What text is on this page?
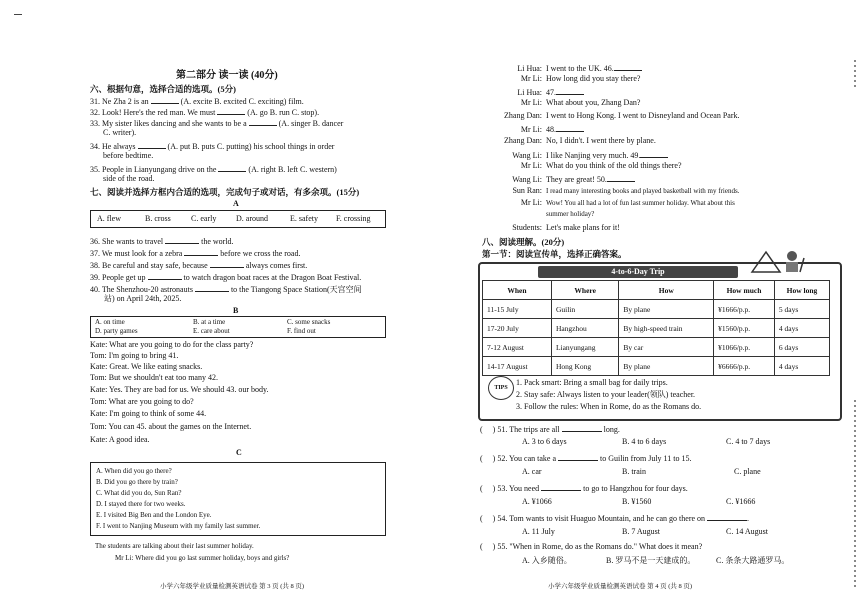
第二部分 读一读 (40分)
六、根据句意，选择合适的选项。(5分)
31. Ne Zha 2 is an	(A. excite B. excited C. exciting) film.
32. Look! Here's the red man. We must	(A. go B. run C. stop).
33. My sister likes dancing and she wants to be a	(A. singer B. dancer
C. writer).
34. He always	(A. put B. puts C. putting) his school things in order
before bedtime.
35. People in Lianyungang drive on the	(A. right B. left C. western)
side of the road.
七、阅读并选择方框内合适的选项，完成句子或对话，有多余项。(15分)
A
A. flew	B. cross	C. early D. around	E. safety F. crossing
36. She wants to travel	the world.
37. We must look for a zebra	before we cross the road.
38. Be careful and stay safe, because	always comes first.
39. People get up	to watch dragon boat races at the Dragon Boat Festival.
40. The Shenzhou-20 astronauts	to the Tiangong Space Station(天宫空间
站) on April 24th, 2025.
B
A. on time	B. at a time	C. some snacks
D. party games	E. care about	F. find out
Kate: What are you going to do for the class party?
Tom: I'm going to bring 41.
Kate: Great. We like eating snacks.
Tom: But we shouldn't eat too many 42.
Kate: Yes. They are bad for us. We should 43. our body.
Tom: What are you going to do?
Kate: I'm going to think of some 44.
Tom: You can 45. about the games on the Internet.
Kate: A good idea.
C
A. When did you go there?
B. Did you go there by train?
C. What did you do, Sun Ran?
D. I stayed there for two weeks.
E. I visited Big Ben and the London Eye.
F. I went to Nanjing Museum with my family last summer.
The students are talking about their last summer holiday.
Mr Li: Where did you go last summer holiday, boys and girls?
小学六年级学业质量检测英语试卷 第 3 页 (共 8 页)
Li Hua: I went to the UK. 46.
Mr Li: How long did you stay there?
Li Hua: 47.
Mr Li: What about you, Zhang Dan?
Zhang Dan: I went to Hong Kong. I went to Disneyland and Ocean Park.
Mr Li: 48.
Zhang Dan: No, I didn't. I went there by plane.
Wang Li: I like Nanjing very much. 49.
Mr Li: What do you think of the old things there?
Wang Li: They are great! 50.
Sun Ran: I read many interesting books and played basketball with my friends.
Mr Li: Wow! You all had a lot of fun last summer holiday. What about this
summer holiday?
Students: Let's make plans for it!
八、阅读理解。(20分)
第一节：阅读宣传单，选择正确答案。
4-to-6-Day Trip
When	Where	How	How much	How long
11-15 July	Guilin	By plane	¥1666/p.p.	5 days
17-20 July	Hangzhou	By high-speed train	¥1560/p.p.	4 days
7-12 August	Lianyungang	By car	¥1066/p.p.	6 days
14-17 August	Hong Kong	By plane	¥6666/p.p.	4 days
TIPS
1. Pack smart: Bring a small bag for daily trips.
2. Stay safe: Always listen to your leader(领队) teacher.
3. Follow the rules: When in Rome, do as the Romans do.
(     ) 51. The trips are all	long.
A. 3 to 6 days	B. 4 to 6 days	C. 4 to 7 days
(     ) 52. You can take a	to Guilin from July 11 to 15.
A. car	B. train	C. plane
(     ) 53. You need	to go to Hangzhou for four days.
A. ¥1066	B. ¥1560	C. ¥1666
(     ) 54. Tom wants to visit Huaguo Mountain, and he can go there on	.
A. 11 July	B. 7 August	C. 14 August
(     ) 55. "When in Rome, do as the Romans do." What does it mean?
A. 入乡随俗。	B. 罗马不是一天建成的。	C. 条条大路通罗马。
小学六年级学业质量检测英语试卷 第 4 页 (共 8 页)
